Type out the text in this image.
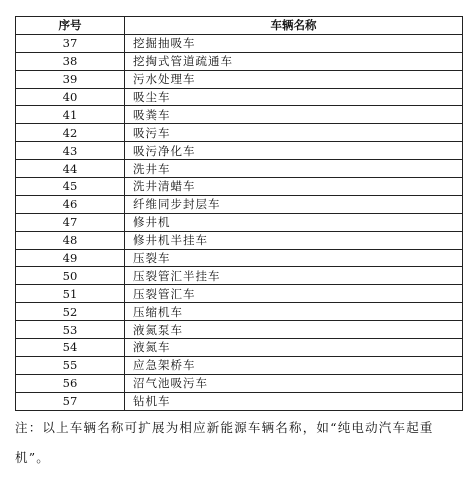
序号	车辆名称
37	挖掘抽吸车
38	挖掏式管道疏通车
39	污水处理车
40	吸尘车
41	吸粪车
42	吸污车
43	吸污净化车
44	洗井车
45	洗井清蜡车
46	纤维同步封层车
47	修井机
48	修井机半挂车
49	压裂车
50	压裂管汇半挂车
51	压裂管汇车
52	压缩机车
53	液氮泵车
54	液氮车
55	应急架桥车
56	沼气池吸污车
57	钻机车

注：以上车辆名称可扩展为相应新能源车辆名称，如“纯电动汽车起重机”。
